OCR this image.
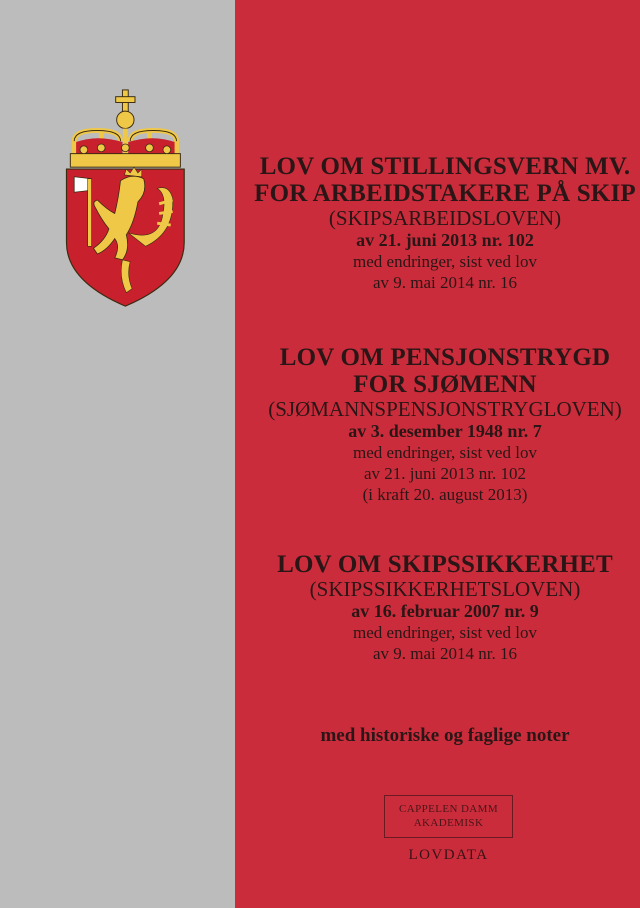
LOV OM STILLINGSVERN MV.
FOR ARBEIDSTAKERE PÅ SKIP
(SKIPSARBEIDSLOVEN)
av 21. juni 2013 nr. 102
med endringer, sist ved lov
av 9. mai 2014 nr. 16
LOV OM PENSJONSTRYGD
FOR SJØMENN
(SJØMANNSPENSJONSTRYGLOVEN)
av 3. desember 1948 nr. 7
med endringer, sist ved lov
av 21. juni 2013 nr. 102
(i kraft 20. august 2013)
LOV OM SKIPSSIKKERHET
(SKIPSSIKKERHETSLOVEN)
av 16. februar 2007 nr. 9
med endringer, sist ved lov
av 9. mai 2014 nr. 16
med historiske og faglige noter
CAPPELEN DAMM
AKADEMISK
LOVDATA
